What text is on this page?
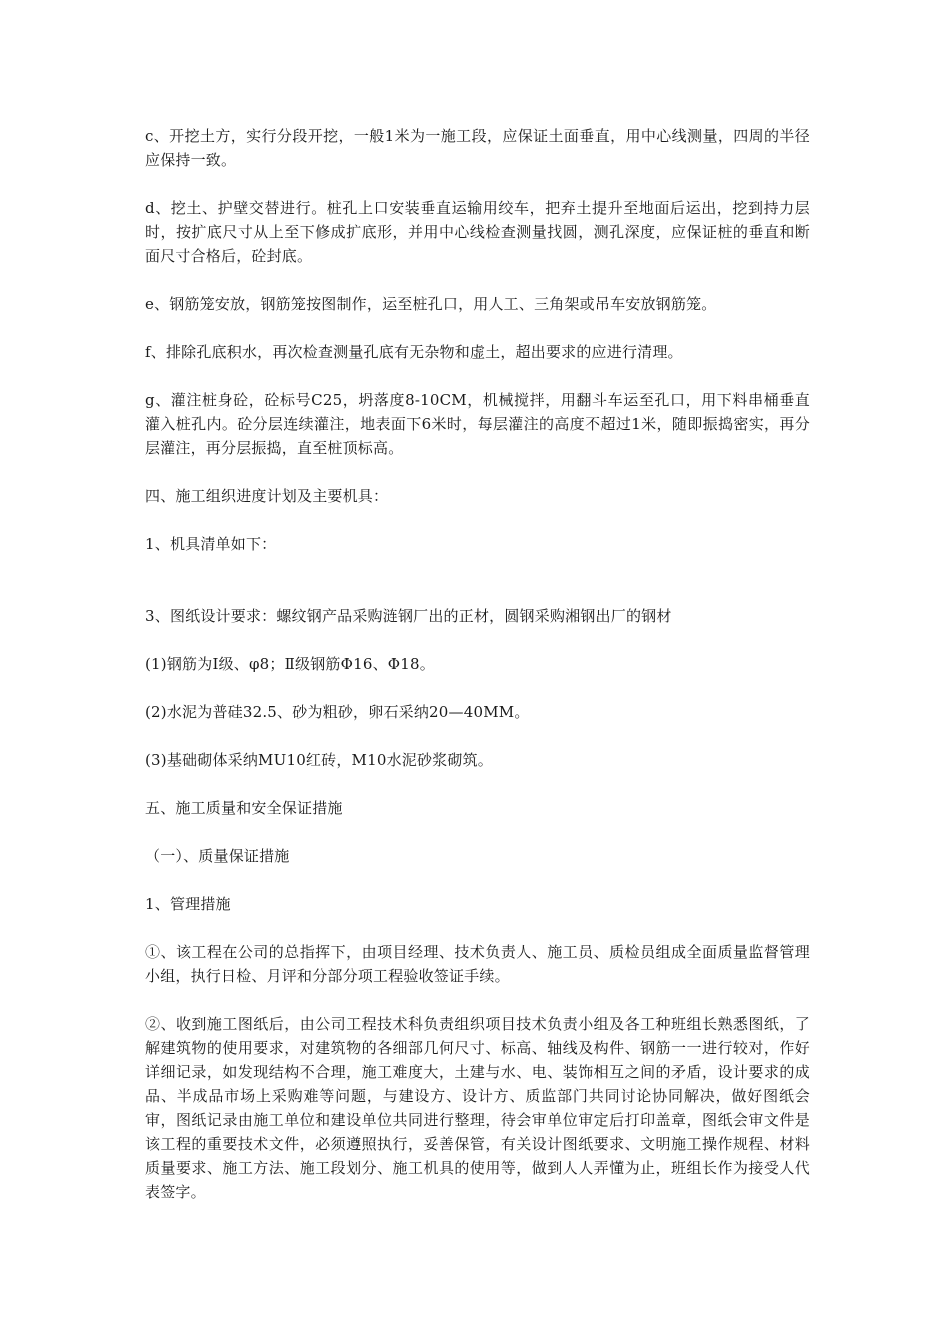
c、开挖土方，实行分段开挖，一般1米为一施工段，应保证土面垂直，用中心线测量，四周的半径应保持一致。

d、挖土、护壁交替进行。桩孔上口安装垂直运输用绞车，把弃土提升至地面后运出，挖到持力层时，按扩底尺寸从上至下修成扩底形，并用中心线检查测量找圆，测孔深度，应保证桩的垂直和断面尺寸合格后，砼封底。

e、钢筋笼安放，钢筋笼按图制作，运至桩孔口，用人工、三角架或吊车安放钢筋笼。

f、排除孔底积水，再次检查测量孔底有无杂物和虚土，超出要求的应进行清理。

g、灌注桩身砼，砼标号C25，坍落度8-10CM，机械搅拌，用翻斗车运至孔口，用下料串桶垂直灌入桩孔内。砼分层连续灌注，地表面下6米时，每层灌注的高度不超过1米，随即振捣密实，再分层灌注，再分层振捣，直至桩顶标高。

四、施工组织进度计划及主要机具：

1、机具清单如下：

3、图纸设计要求：螺纹钢产品采购涟钢厂出的正材，圆钢采购湘钢出厂的钢材

(1)钢筋为Ⅰ级、φ8；Ⅱ级钢筋Φ16、Φ18。

(2)水泥为普硅32.5、砂为粗砂，卵石采纳20—40MM。

(3)基础砌体采纳MU10红砖，M10水泥砂浆砌筑。

五、施工质量和安全保证措施

（一）、质量保证措施

1、管理措施

①、该工程在公司的总指挥下，由项目经理、技术负责人、施工员、质检员组成全面质量监督管理小组，执行日检、月评和分部分项工程验收签证手续。

②、收到施工图纸后，由公司工程技术科负责组织项目技术负责小组及各工种班组长熟悉图纸，了解建筑物的使用要求，对建筑物的各细部几何尺寸、标高、轴线及构件、钢筋一一进行较对，作好详细记录，如发现结构不合理，施工难度大，土建与水、电、装饰相互之间的矛盾，设计要求的成品、半成品市场上采购难等问题，与建设方、设计方、质监部门共同讨论协同解决，做好图纸会审，图纸记录由施工单位和建设单位共同进行整理，待会审单位审定后打印盖章，图纸会审文件是该工程的重要技术文件，必须遵照执行，妥善保管，有关设计图纸要求、文明施工操作规程、材料质量要求、施工方法、施工段划分、施工机具的使用等，做到人人弄懂为止，班组长作为接受人代表签字。
